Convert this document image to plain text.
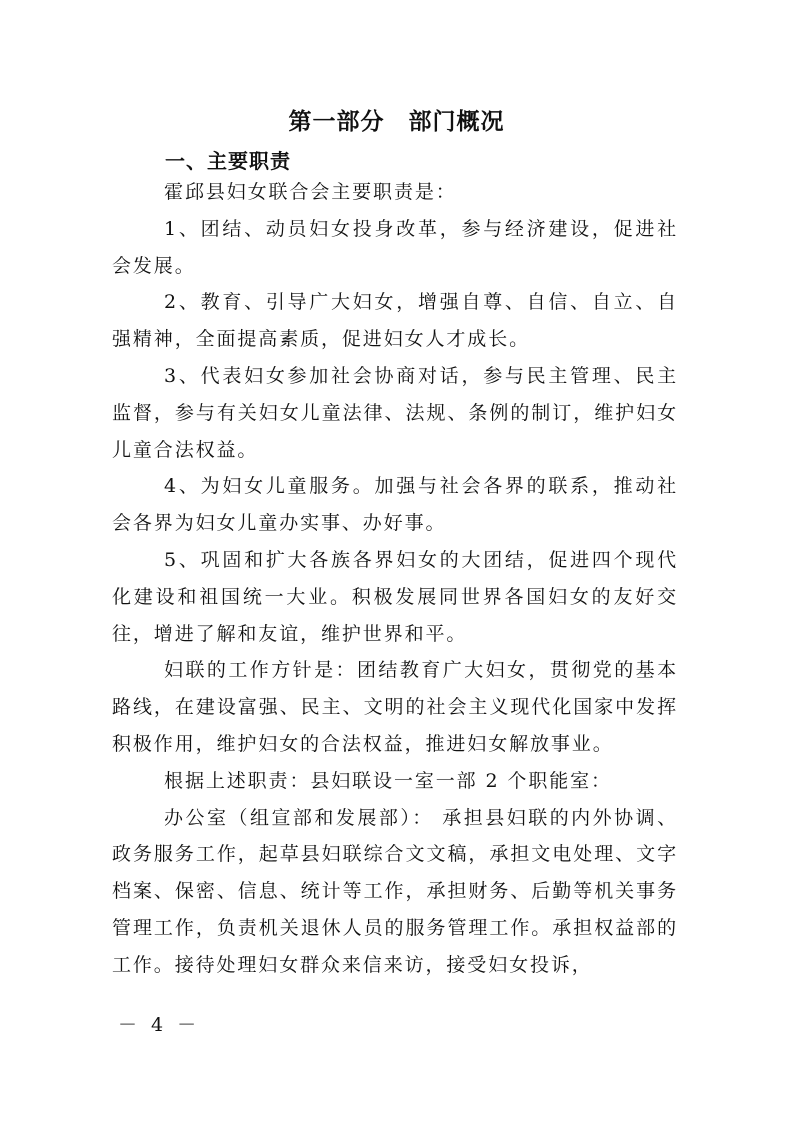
第一部分 部门概况
一、主要职责

霍邱县妇女联合会主要职责是：

1、团结、动员妇女投身改革，参与经济建设，促进社会发展。

2、教育、引导广大妇女，增强自尊、自信、自立、自强精神，全面提高素质，促进妇女人才成长。

3、代表妇女参加社会协商对话，参与民主管理、民主监督，参与有关妇女儿童法律、法规、条例的制订，维护妇女儿童合法权益。

4、为妇女儿童服务。加强与社会各界的联系，推动社会各界为妇女儿童办实事、办好事。

5、巩固和扩大各族各界妇女的大团结，促进四个现代化建设和祖国统一大业。积极发展同世界各国妇女的友好交往，增进了解和友谊，维护世界和平。

妇联的工作方针是：团结教育广大妇女，贯彻党的基本路线，在建设富强、民主、文明的社会主义现代化国家中发挥积极作用，维护妇女的合法权益，推进妇女解放事业。

根据上述职责：县妇联设一室一部 2 个职能室：

办公室（组宣部和发展部）： 承担县妇联的内外协调、政务服务工作，起草县妇联综合文文稿，承担文电处理、文字档案、保密、信息、统计等工作，承担财务、后勤等机关事务管理工作，负责机关退休人员的服务管理工作。承担权益部的工作。接待处理妇女群众来信来访，接受妇女投诉，

－ 4 －
